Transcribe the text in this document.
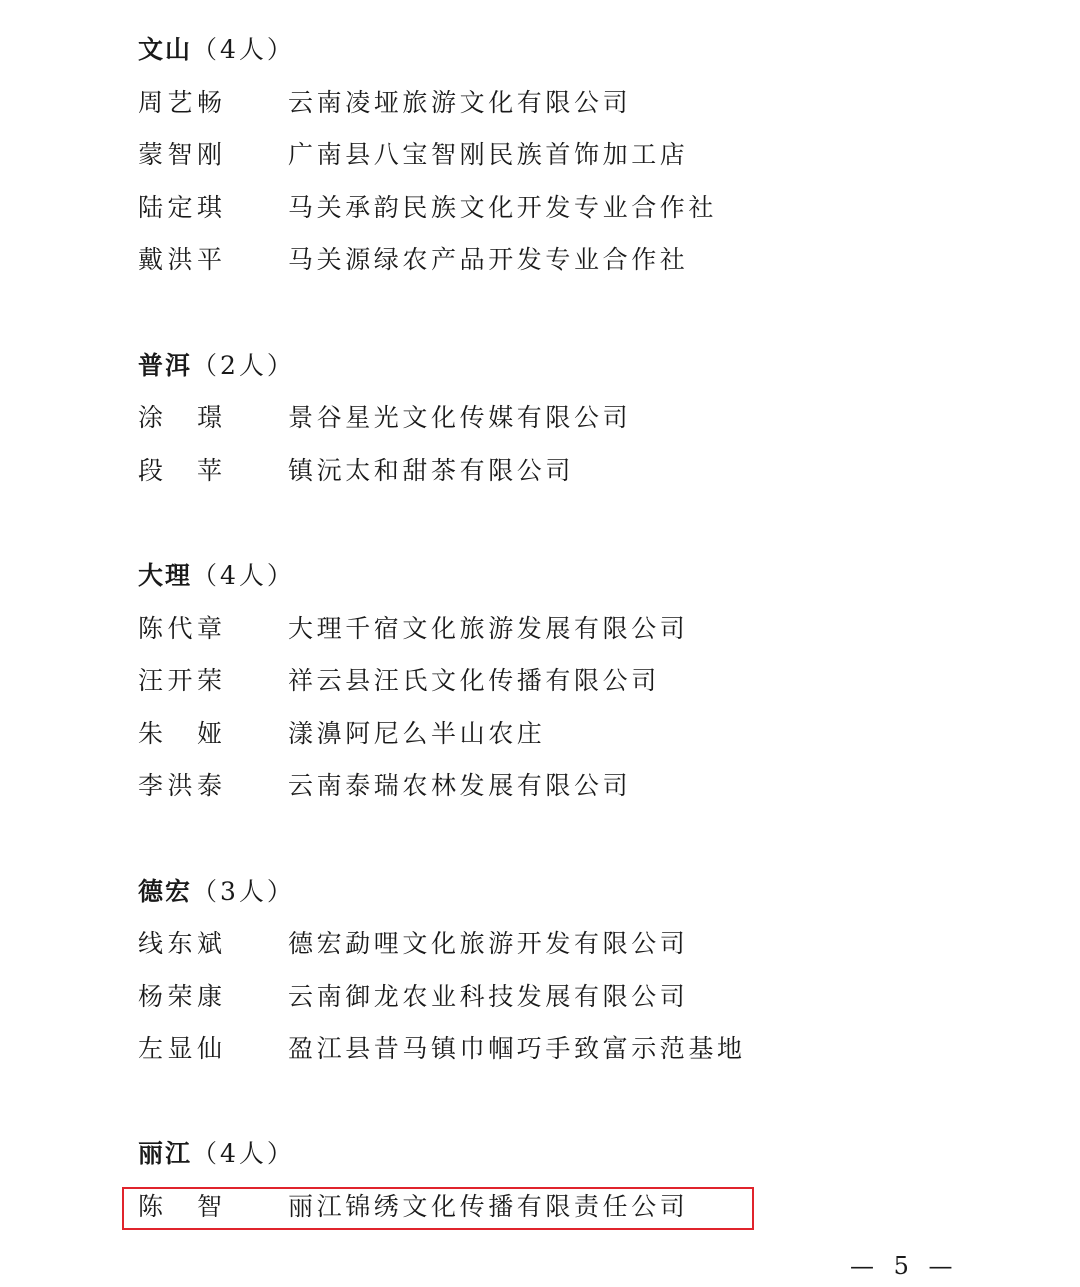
文山（4人）
周艺畅	云南凌垭旅游文化有限公司
蒙智刚	广南县八宝智刚民族首饰加工店
陆定琪	马关承韵民族文化开发专业合作社
戴洪平	马关源绿农产品开发专业合作社
普洱（2人）
涂璟	景谷星光文化传媒有限公司
段苹	镇沅太和甜茶有限公司
大理（4人）
陈代章	大理千宿文化旅游发展有限公司
汪开荣	祥云县汪氏文化传播有限公司
朱娅	漾濞阿尼么半山农庄
李洪泰	云南泰瑞农林发展有限公司
德宏（3人）
线东斌	德宏勐哩文化旅游开发有限公司
杨荣康	云南御龙农业科技发展有限公司
左显仙	盈江县昔马镇巾帼巧手致富示范基地
丽江（4人）
陈智	丽江锦绣文化传播有限责任公司
— 5 —
